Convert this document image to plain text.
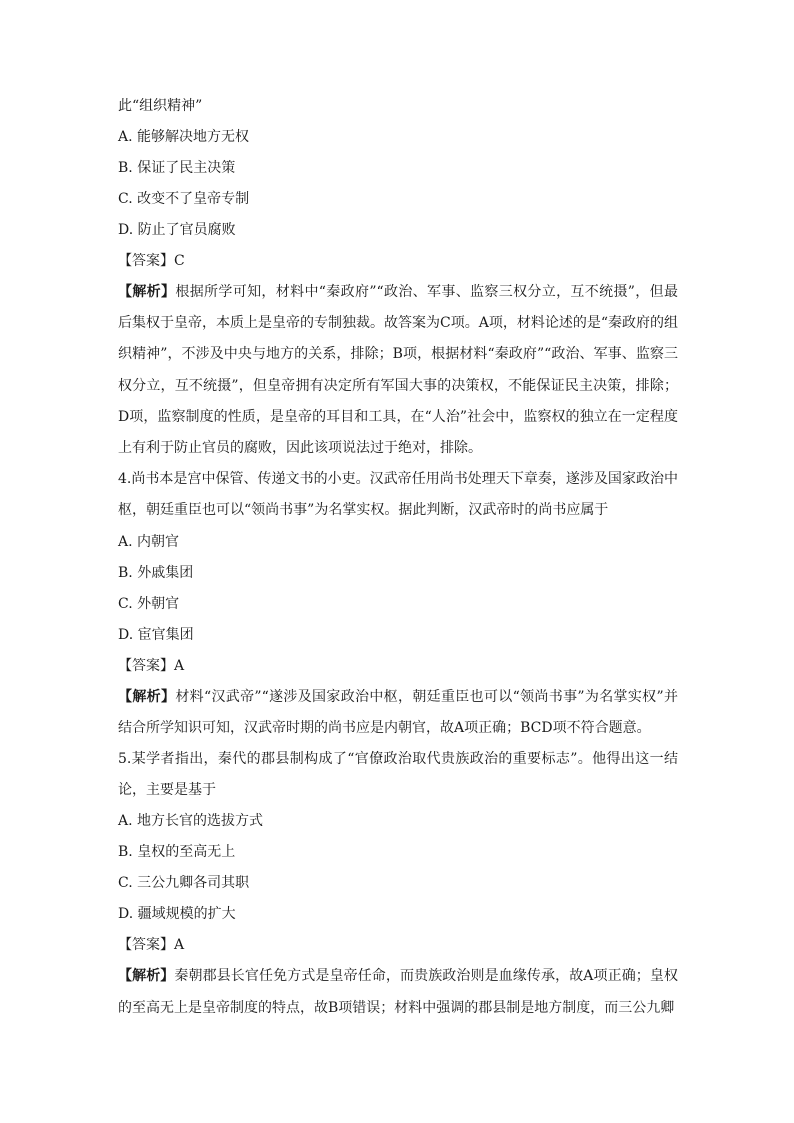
此“组织精神”

A. 能够解决地方无权

B. 保证了民主决策

C. 改变不了皇帝专制

D. 防止了官员腐败

【答案】C

【解析】根据所学可知，材料中“秦政府”“政治、军事、监察三权分立，互不统摄”，但最后集权于皇帝，本质上是皇帝的专制独裁。故答案为C项。A项，材料论述的是“秦政府的组织精神”，不涉及中央与地方的关系，排除；B项，根据材料“秦政府”“政治、军事、监察三权分立，互不统摄”，但皇帝拥有决定所有军国大事的决策权，不能保证民主决策，排除；D项，监察制度的性质，是皇帝的耳目和工具，在“人治”社会中，监察权的独立在一定程度上有利于防止官员的腐败，因此该项说法过于绝对，排除。

4.尚书本是宫中保管、传递文书的小吏。汉武帝任用尚书处理天下章奏，遂涉及国家政治中枢，朝廷重臣也可以“领尚书事”为名掌实权。据此判断，汉武帝时的尚书应属于

A. 内朝官

B. 外戚集团

C. 外朝官

D. 宦官集团

【答案】A

【解析】材料“汉武帝”“遂涉及国家政治中枢，朝廷重臣也可以“领尚书事”为名掌实权”并结合所学知识可知，汉武帝时期的尚书应是内朝官，故A项正确；BCD项不符合题意。

5.某学者指出，秦代的郡县制构成了“官僚政治取代贵族政治的重要标志”。他得出这一结论，主要是基于

A. 地方长官的选拔方式

B. 皇权的至高无上

C. 三公九卿各司其职

D. 疆域规模的扩大

【答案】A

【解析】秦朝郡县长官任免方式是皇帝任命，而贵族政治则是血缘传承，故A项正确；皇权的至高无上是皇帝制度的特点，故B项错误；材料中强调的郡县制是地方制度，而三公九卿
